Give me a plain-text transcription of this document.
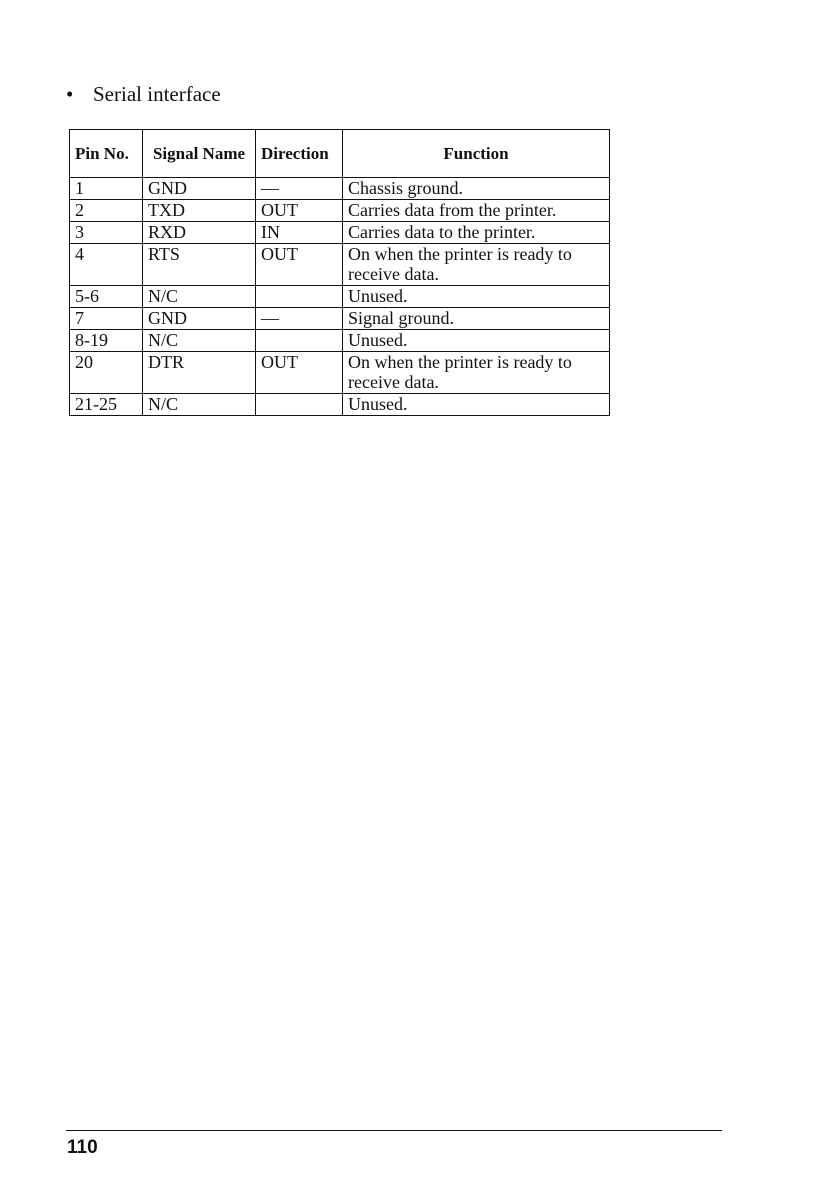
• Serial interface
Pin No.	Signal Name	Direction	Function
1	GND	—	Chassis ground.
2	TXD	OUT	Carries data from the printer.
3	RXD	IN	Carries data to the printer.
4	RTS	OUT	On when the printer is ready to receive data.
5-6	N/C		Unused.
7	GND	—	Signal ground.
8-19	N/C		Unused.
20	DTR	OUT	On when the printer is ready to receive data.
21-25	N/C		Unused.
110
